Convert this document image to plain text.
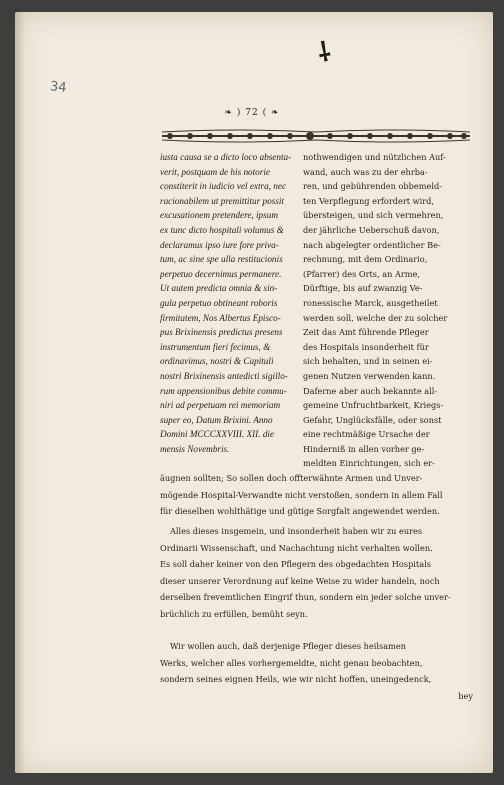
⸸
34
❧ ) 72 ( ❧
iusta causa se a dicto loco absenta-
verit, postquam de his notorie
constiterit in iudicio vel extra, nec
racionabilem ut premittitur possit
excusationem pretendere, ipsum
ex tunc dicto hospitali volumus &
declaramus ipso iure fore priva-
tum, ac sine spe ulla restitucionis
perpetuo decernimus permanere.
Ut autem predicta omnia & sin-
gula perpetuo obtineant roboris
firmitatem, Nos Albertus Episco-
pus Brixinensis predictus presens
instrumentum fieri fecimus, &
ordinavimus, nostri & Capituli
nostri Brixinensis antedicti sigillo-
rum appensionibus debite commu-
niri ad perpetuam rei memoriam
super eo, Datum Brixini. Anno
Domini MCCCXXVIII. XII. die
mensis Novembris.
nothwendigen und nützlichen Auf-
wand, auch was zu der ehrba-
ren, und gebührenden obbemeld-
ten Verpflegung erfordert wird,
übersteigen, und sich vermehren,
der jährliche Ueberschuß davon,
nach abgelegter ordentlicher Be-
rechnung, mit dem Ordinario,
(Pfarrer) des Orts, an Arme,
Dürftige, bis auf zwanzig Ve-
ronessische Marck, ausgetheilet
werden soll, welche der zu solcher
Zeit das Amt führende Pfleger
des Hospitals insonderheit für
sich behalten, und in seinen ei-
genen Nutzen verwenden kann.
Daferne aber auch bekannte all-
gemeine Unfruchtbarkeit, Kriegs-
Gefahr, Unglücksfälle, oder sonst
eine rechtmäßige Ursache der
Hinderniß in allen vorher ge-
meldten Einrichtungen, sich er-
äugnen sollten; So sollen doch offterwähnte Armen und Unver-
mögende Hospital-Verwandte nicht verstoßen, sondern in allem Fall
für dieselben wohlthätige und gütige Sorgfalt angewendet werden.
Alles dieses insgemein, und insonderheit haben wir zu eures
Ordinarii Wissenschaft, und Nachachtung nicht verhalten wollen.
Es soll daher keiner von den Pflegern des obgedachten Hospitals
dieser unserer Verordnung auf keine Weise zu wider handeln, noch
derselben frevemtlichen Eingrif thun, sondern ein jeder solche unver-
brüchlich zu erfüllen, bemüht seyn.
Wir wollen auch, daß derjenige Pfleger dieses heilsamen
Werks, welcher alles vorhergemeldte, nicht genau beobachten,
sondern seines eignen Heils, wie wir nicht hoffen, uneingedenck,
bey
